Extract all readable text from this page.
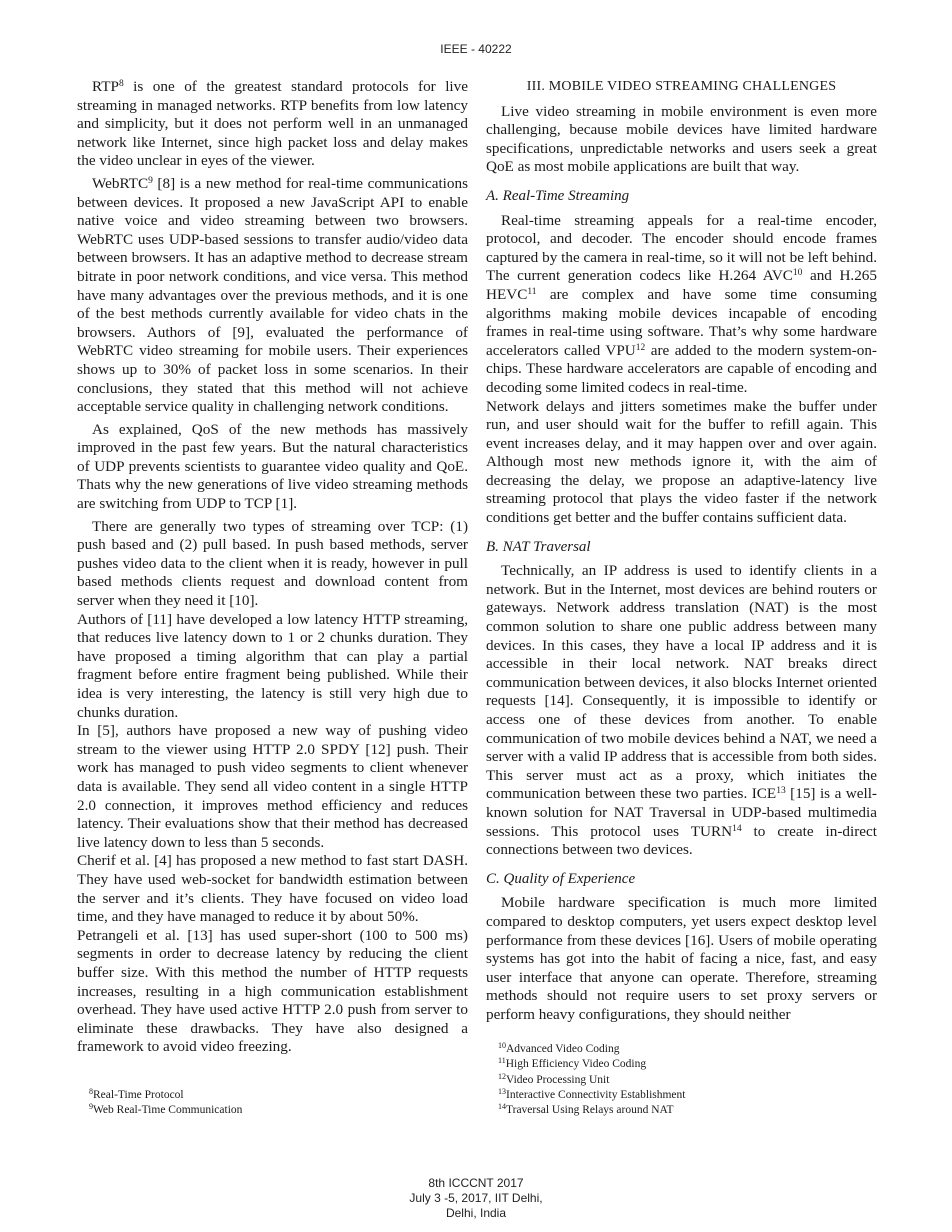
IEEE - 40222

RTP$^8$ is one of the greatest standard protocols for live streaming in managed networks. RTP benefits from low latency and simplicity, but it does not perform well in an unmanaged network like Internet, since high packet loss and delay makes the video unclear in eyes of the viewer.

WebRTC$^9$ [8] is a new method for real-time communications between devices. It proposed a new JavaScript API to enable native voice and video streaming between two browsers. WebRTC uses UDP-based sessions to transfer audio/video data between browsers. It has an adaptive method to decrease stream bitrate in poor network conditions, and vice versa. This method have many advantages over the previous methods, and it is one of the best methods currently available for video chats in the browsers. Authors of [9], evaluated the performance of WebRTC video streaming for mobile users. Their experiences shows up to 30% of packet loss in some scenarios. In their conclusions, they stated that this method will not achieve acceptable service quality in challenging network conditions.

As explained, QoS of the new methods has massively improved in the past few years. But the natural characteristics of UDP prevents scientists to guarantee video quality and QoE. Thats why the new generations of live video streaming methods are switching from UDP to TCP [1].

There are generally two types of streaming over TCP: (1) push based and (2) pull based. In push based methods, server pushes video data to the client when it is ready, however in pull based methods clients request and download content from server when they need it [10].

Authors of [11] have developed a low latency HTTP streaming, that reduces live latency down to 1 or 2 chunks duration. They have proposed a timing algorithm that can play a partial fragment before entire fragment being published. While their idea is very interesting, the latency is still very high due to chunks duration.

In [5], authors have proposed a new way of pushing video stream to the viewer using HTTP 2.0 SPDY [12] push. Their work has managed to push video segments to client whenever data is available. They send all video content in a single HTTP 2.0 connection, it improves method efficiency and reduces latency. Their evaluations show that their method has decreased live latency down to less than 5 seconds.

Cherif et al. [4] has proposed a new method to fast start DASH. They have used web-socket for bandwidth estimation between the server and it’s clients. They have focused on video load time, and they have managed to reduce it by about 50%.

Petrangeli et al. [13] has used super-short (100 to 500 ms) segments in order to decrease latency by reducing the client buffer size. With this method the number of HTTP requests increases, resulting in a high communication establishment overhead. They have used active HTTP 2.0 push from server to eliminate these drawbacks. They have also designed a framework to avoid video freezing.

III. MOBILE VIDEO STREAMING CHALLENGES

Live video streaming in mobile environment is even more challenging, because mobile devices have limited hardware specifications, unpredictable networks and users seek a great QoE as most mobile applications are built that way.

A. Real-Time Streaming

Real-time streaming appeals for a real-time encoder, protocol, and decoder. The encoder should encode frames captured by the camera in real-time, so it will not be left behind. The current generation codecs like H.264 AVC$^{10}$ and H.265 HEVC$^{11}$ are complex and have some time consuming algorithms making mobile devices incapable of encoding frames in real-time using software. That’s why some hardware accelerators called VPU$^{12}$ are added to the modern system-on-chips. These hardware accelerators are capable of encoding and decoding some limited codecs in real-time.

Network delays and jitters sometimes make the buffer under run, and user should wait for the buffer to refill again. This event increases delay, and it may happen over and over again. Although most new methods ignore it, with the aim of decreasing the delay, we propose an adaptive-latency live streaming protocol that plays the video faster if the network conditions get better and the buffer contains sufficient data.

B. NAT Traversal

Technically, an IP address is used to identify clients in a network. But in the Internet, most devices are behind routers or gateways. Network address translation (NAT) is the most common solution to share one public address between many devices. In this cases, they have a local IP address and it is accessible in their local network. NAT breaks direct communication between devices, it also blocks Internet oriented requests [14]. Consequently, it is impossible to identify or access one of these devices from another. To enable communication of two mobile devices behind a NAT, we need a server with a valid IP address that is accessible from both sides. This server must act as a proxy, which initiates the communication between these two parties. ICE$^{13}$ [15] is a well-known solution for NAT Traversal in UDP-based multimedia sessions. This protocol uses TURN$^{14}$ to create in-direct connections between two devices.

C. Quality of Experience

Mobile hardware specification is much more limited compared to desktop computers, yet users expect desktop level performance from these devices [16]. Users of mobile operating systems has got into the habit of facing a nice, fast, and easy user interface that anyone can operate. Therefore, streaming methods should not require users to set proxy servers or perform heavy configurations, they should neither

$^8$Real-Time Protocol
$^9$Web Real-Time Communication
$^{10}$Advanced Video Coding
$^{11}$High Efficiency Video Coding
$^{12}$Video Processing Unit
$^{13}$Interactive Connectivity Establishment
$^{14}$Traversal Using Relays around NAT
8th ICCCNT 2017
July 3 -5, 2017, IIT Delhi,
Delhi, India
